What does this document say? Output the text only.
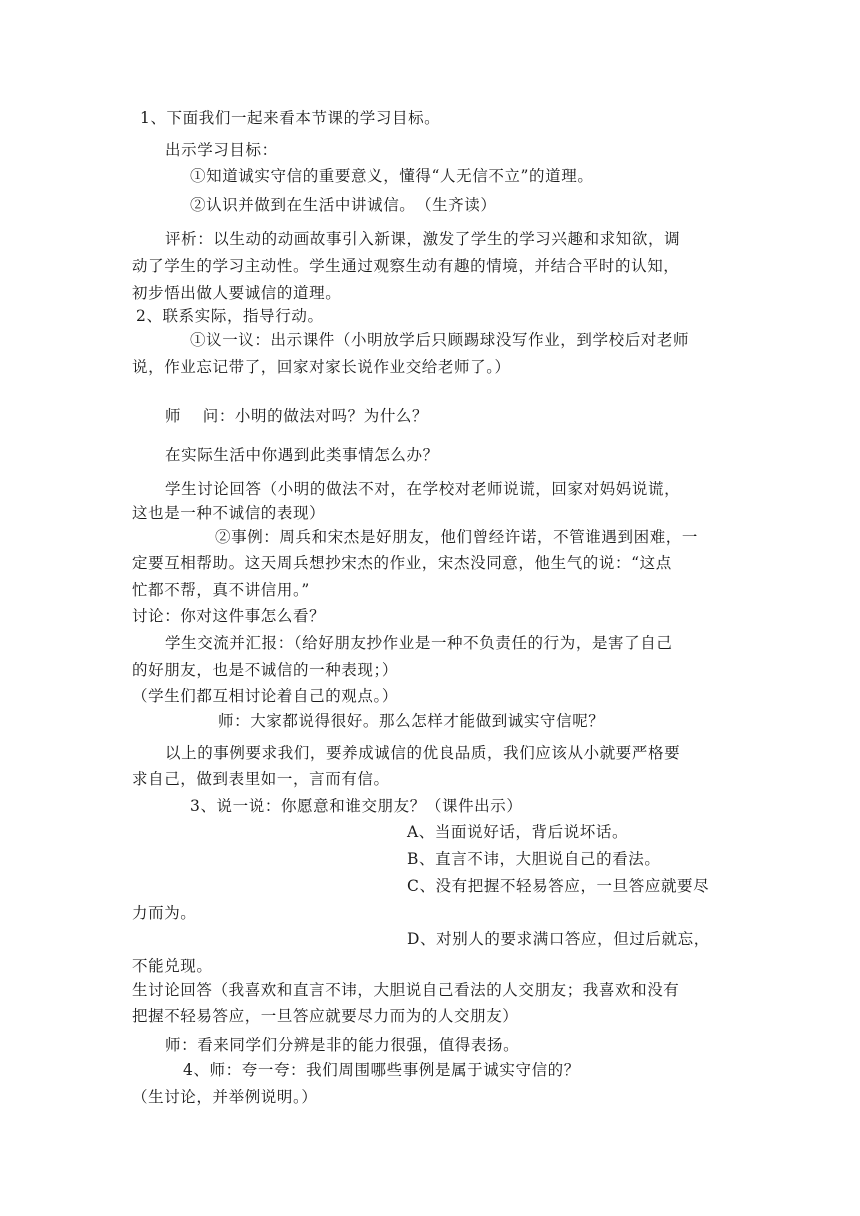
1、下面我们一起来看本节课的学习目标。
出示学习目标：
①知道诚实守信的重要意义，懂得“人无信不立”的道理。
②认识并做到在生活中讲诚信。　（生齐读）
评析：以生动的动画故事引入新课，激发了学生的学习兴趣和求知欲，调
动了学生的学习主动性。学生通过观察生动有趣的情境，并结合平时的认知，
初步悟出做人要诚信的道理。
2、联系实际，指导行动。
①议一议：出示课件（小明放学后只顾踢球没写作业，到学校后对老师
说，作业忘记带了，回家对家长说作业交给老师了。）
师　 问：小明的做法对吗？为什么？
在实际生活中你遇到此类事情怎么办？
学生讨论回答（小明的做法不对，在学校对老师说谎，回家对妈妈说谎，
这也是一种不诚信的表现）
②事例：周兵和宋杰是好朋友，他们曾经许诺，不管谁遇到困难，一
定要互相帮助。这天周兵想抄宋杰的作业，宋杰没同意，他生气的说：“这点
忙都不帮，真不讲信用。”
讨论：你对这件事怎么看？
学生交流并汇报：（给好朋友抄作业是一种不负责任的行为，是害了自己
的好朋友，也是不诚信的一种表现；）
（学生们都互相讨论着自己的观点。）
师：大家都说得很好。那么怎样才能做到诚实守信呢？
以上的事例要求我们，要养成诚信的优良品质，我们应该从小就要严格要
求自己，做到表里如一，言而有信。
3、说一说：你愿意和谁交朋友？（课件出示）
A、当面说好话，背后说坏话。
B、直言不讳，大胆说自己的看法。
C、没有把握不轻易答应，一旦答应就要尽
力而为。
D、对别人的要求满口答应，但过后就忘，
不能兑现。
生讨论回答（我喜欢和直言不讳，大胆说自己看法的人交朋友；我喜欢和没有
把握不轻易答应，一旦答应就要尽力而为的人交朋友）
师：看来同学们分辨是非的能力很强，值得表扬。
4、师：夸一夸：我们周围哪些事例是属于诚实守信的？
（生讨论，并举例说明。）
